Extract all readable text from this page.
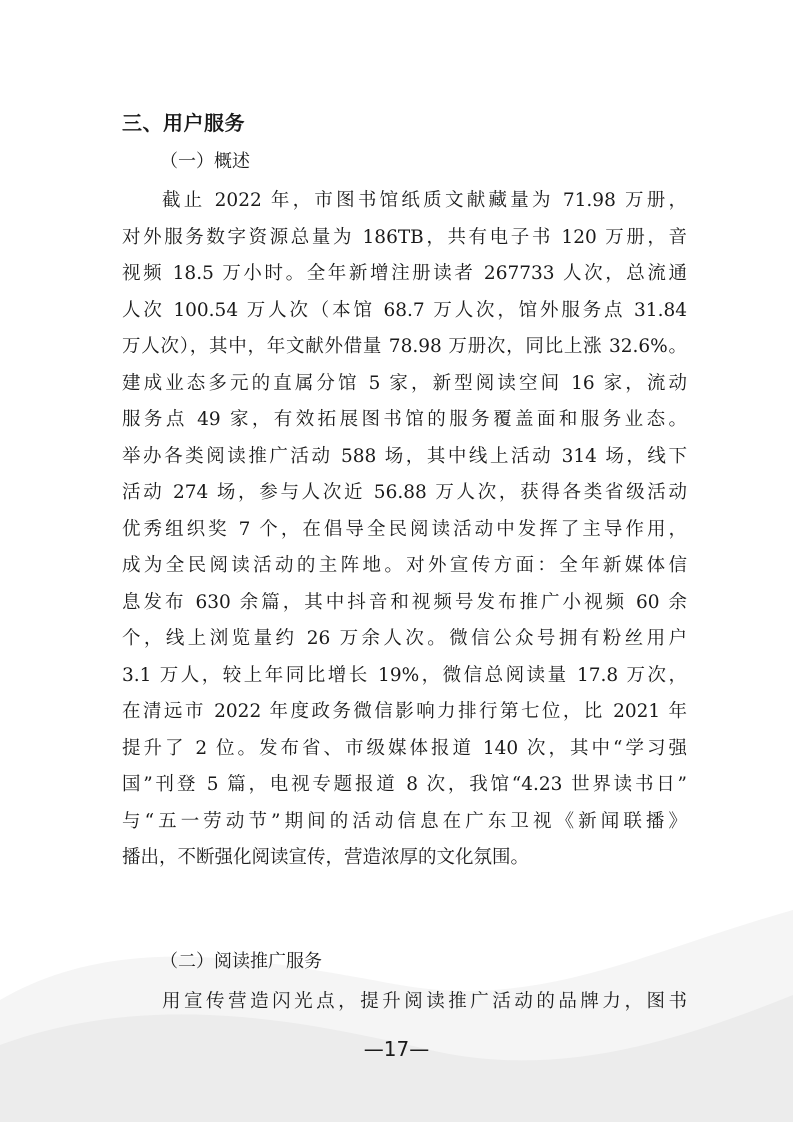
三、用户服务
（一）概述
截止 2022 年，市图书馆纸质文献藏量为 71.98 万册，
对外服务数字资源总量为 186TB，共有电子书 120 万册，音
视频 18.5 万小时。全年新增注册读者 267733 人次，总流通
人次 100.54 万人次（本馆 68.7 万人次，馆外服务点 31.84
万人次），其中，年文献外借量 78.98 万册次，同比上涨 32.6%。
建成业态多元的直属分馆 5 家，新型阅读空间 16 家，流动
服务点 49 家，有效拓展图书馆的服务覆盖面和服务业态。
举办各类阅读推广活动 588 场，其中线上活动 314 场，线下
活动 274 场，参与人次近 56.88 万人次，获得各类省级活动
优秀组织奖 7 个，在倡导全民阅读活动中发挥了主导作用，
成为全民阅读活动的主阵地。对外宣传方面：全年新媒体信
息发布 630 余篇，其中抖音和视频号发布推广小视频 60 余
个，线上浏览量约 26 万余人次。微信公众号拥有粉丝用户
3.1 万人，较上年同比增长 19%，微信总阅读量 17.8 万次，
在清远市 2022 年度政务微信影响力排行第七位，比 2021 年
提升了 2 位。发布省、市级媒体报道 140 次，其中“学习强
国”刊登 5 篇，电视专题报道 8 次，我馆“4.23 世界读书日”
与“五一劳动节”期间的活动信息在广东卫视《新闻联播》
播出，不断强化阅读宣传，营造浓厚的文化氛围。
（二）阅读推广服务
用宣传营造闪光点，提升阅读推广活动的品牌力，图书
—17—
